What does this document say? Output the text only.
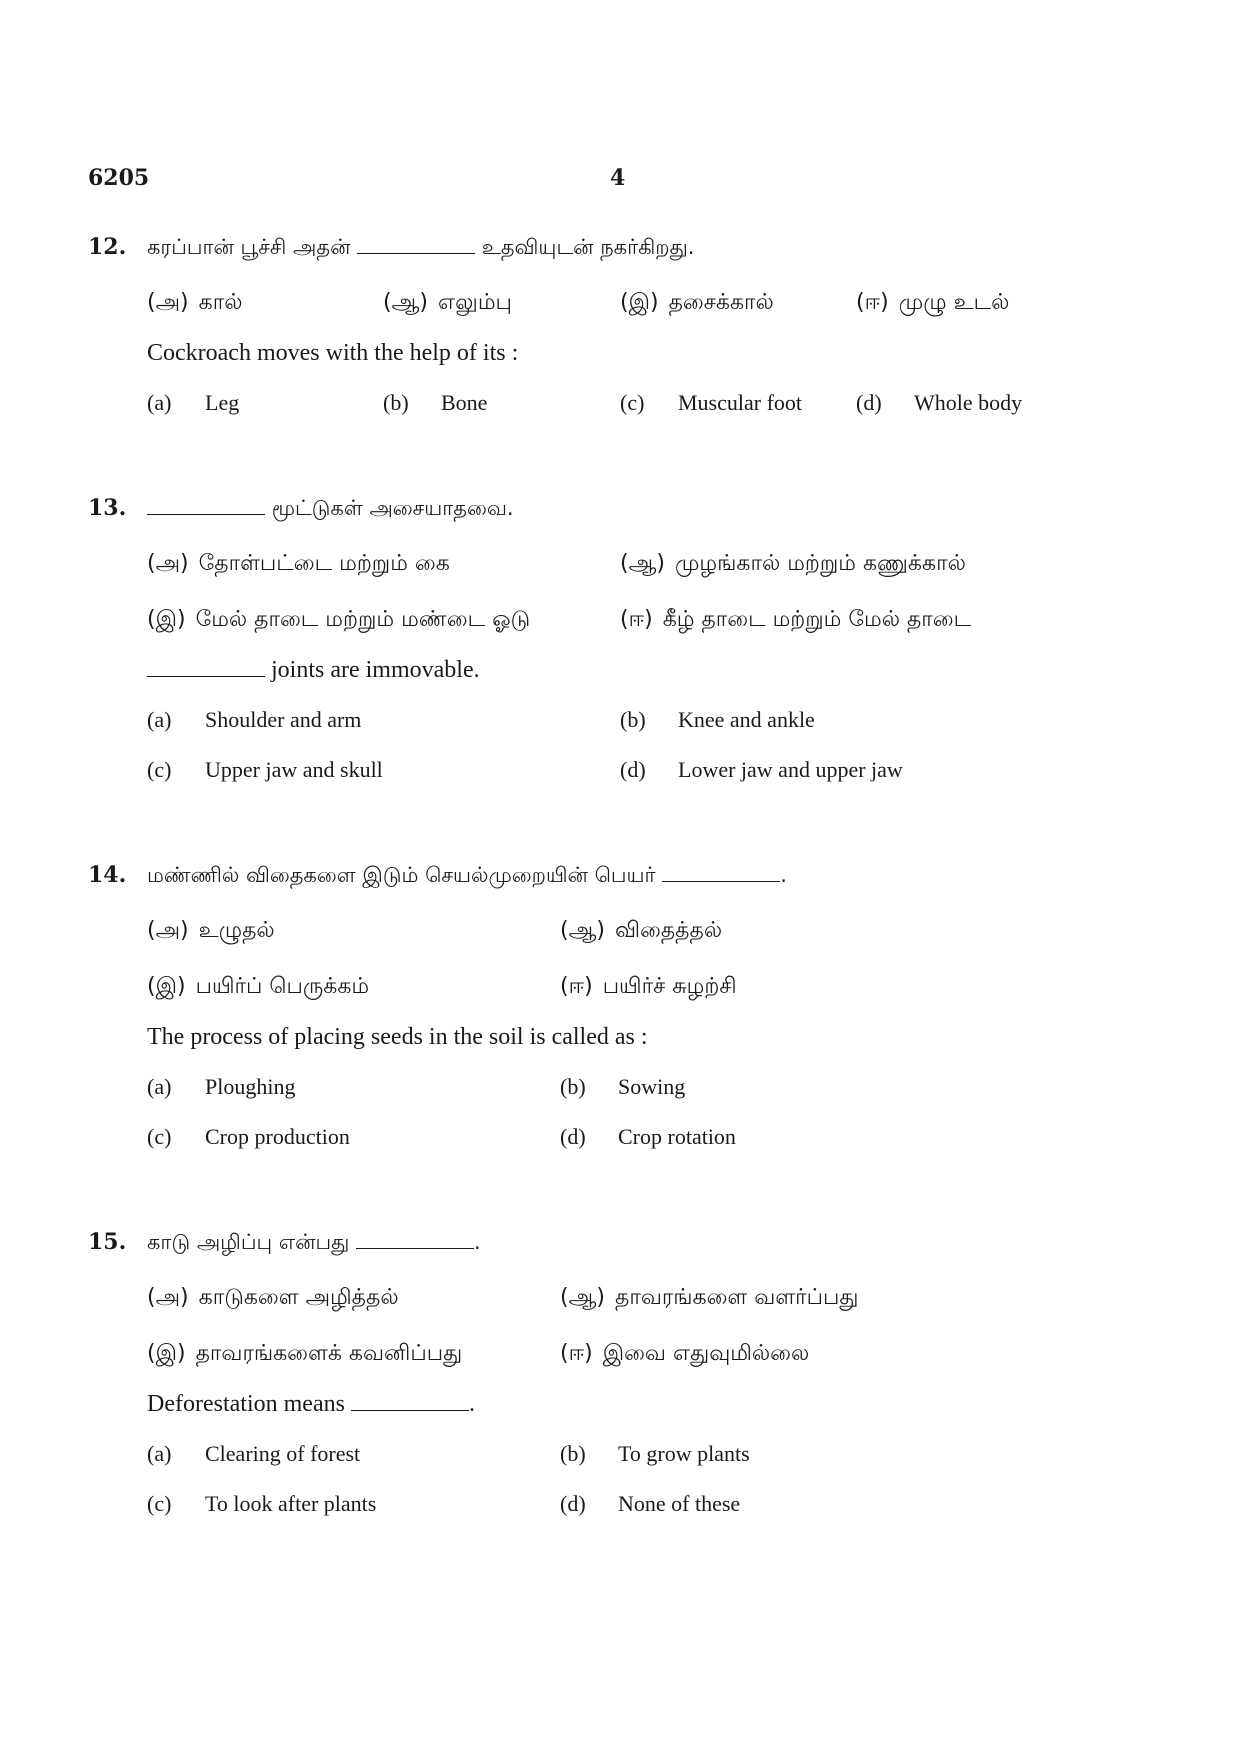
6205	4
12. கரப்பான் பூச்சி அதன்	உதவியுடன் நகர்கிறது.
(அ) கால்	(ஆ) எலும்பு	(இ) தசைக்கால்	(ஈ) முழு உடல்
Cockroach moves with the help of its :
(a) Leg	(b) Bone	(c) Muscular foot (d) Whole body
13.	மூட்டுகள் அசையாதவை.
(அ) தோள்பட்டை மற்றும் கை	(ஆ) முழங்கால் மற்றும் கணுக்கால்
(இ) மேல் தாடை மற்றும் மண்டை ஓடு	(ஈ) கீழ் தாடை மற்றும் மேல் தாடை
joints are immovable.
(a) Shoulder and arm	(b) Knee and ankle
(c) Upper jaw and skull	(d) Lower jaw and upper jaw
14. மண்ணில் விதைகளை இடும் செயல்முறையின் பெயர்	.
(அ) உழுதல்	(ஆ) விதைத்தல்
(இ) பயிர்ப் பெருக்கம்	(ஈ) பயிர்ச் சுழற்சி
The process of placing seeds in the soil is called as :
(a) Ploughing	(b) Sowing
(c) Crop production	(d) Crop rotation
15. காடு அழிப்பு என்பது	.
(அ) காடுகளை அழித்தல்	(ஆ) தாவரங்களை வளர்ப்பது
(இ) தாவரங்களைக் கவனிப்பது	(ஈ) இவை எதுவுமில்லை
Deforestation means	.
(a) Clearing of forest	(b) To grow plants
(c) To look after plants	(d) None of these
